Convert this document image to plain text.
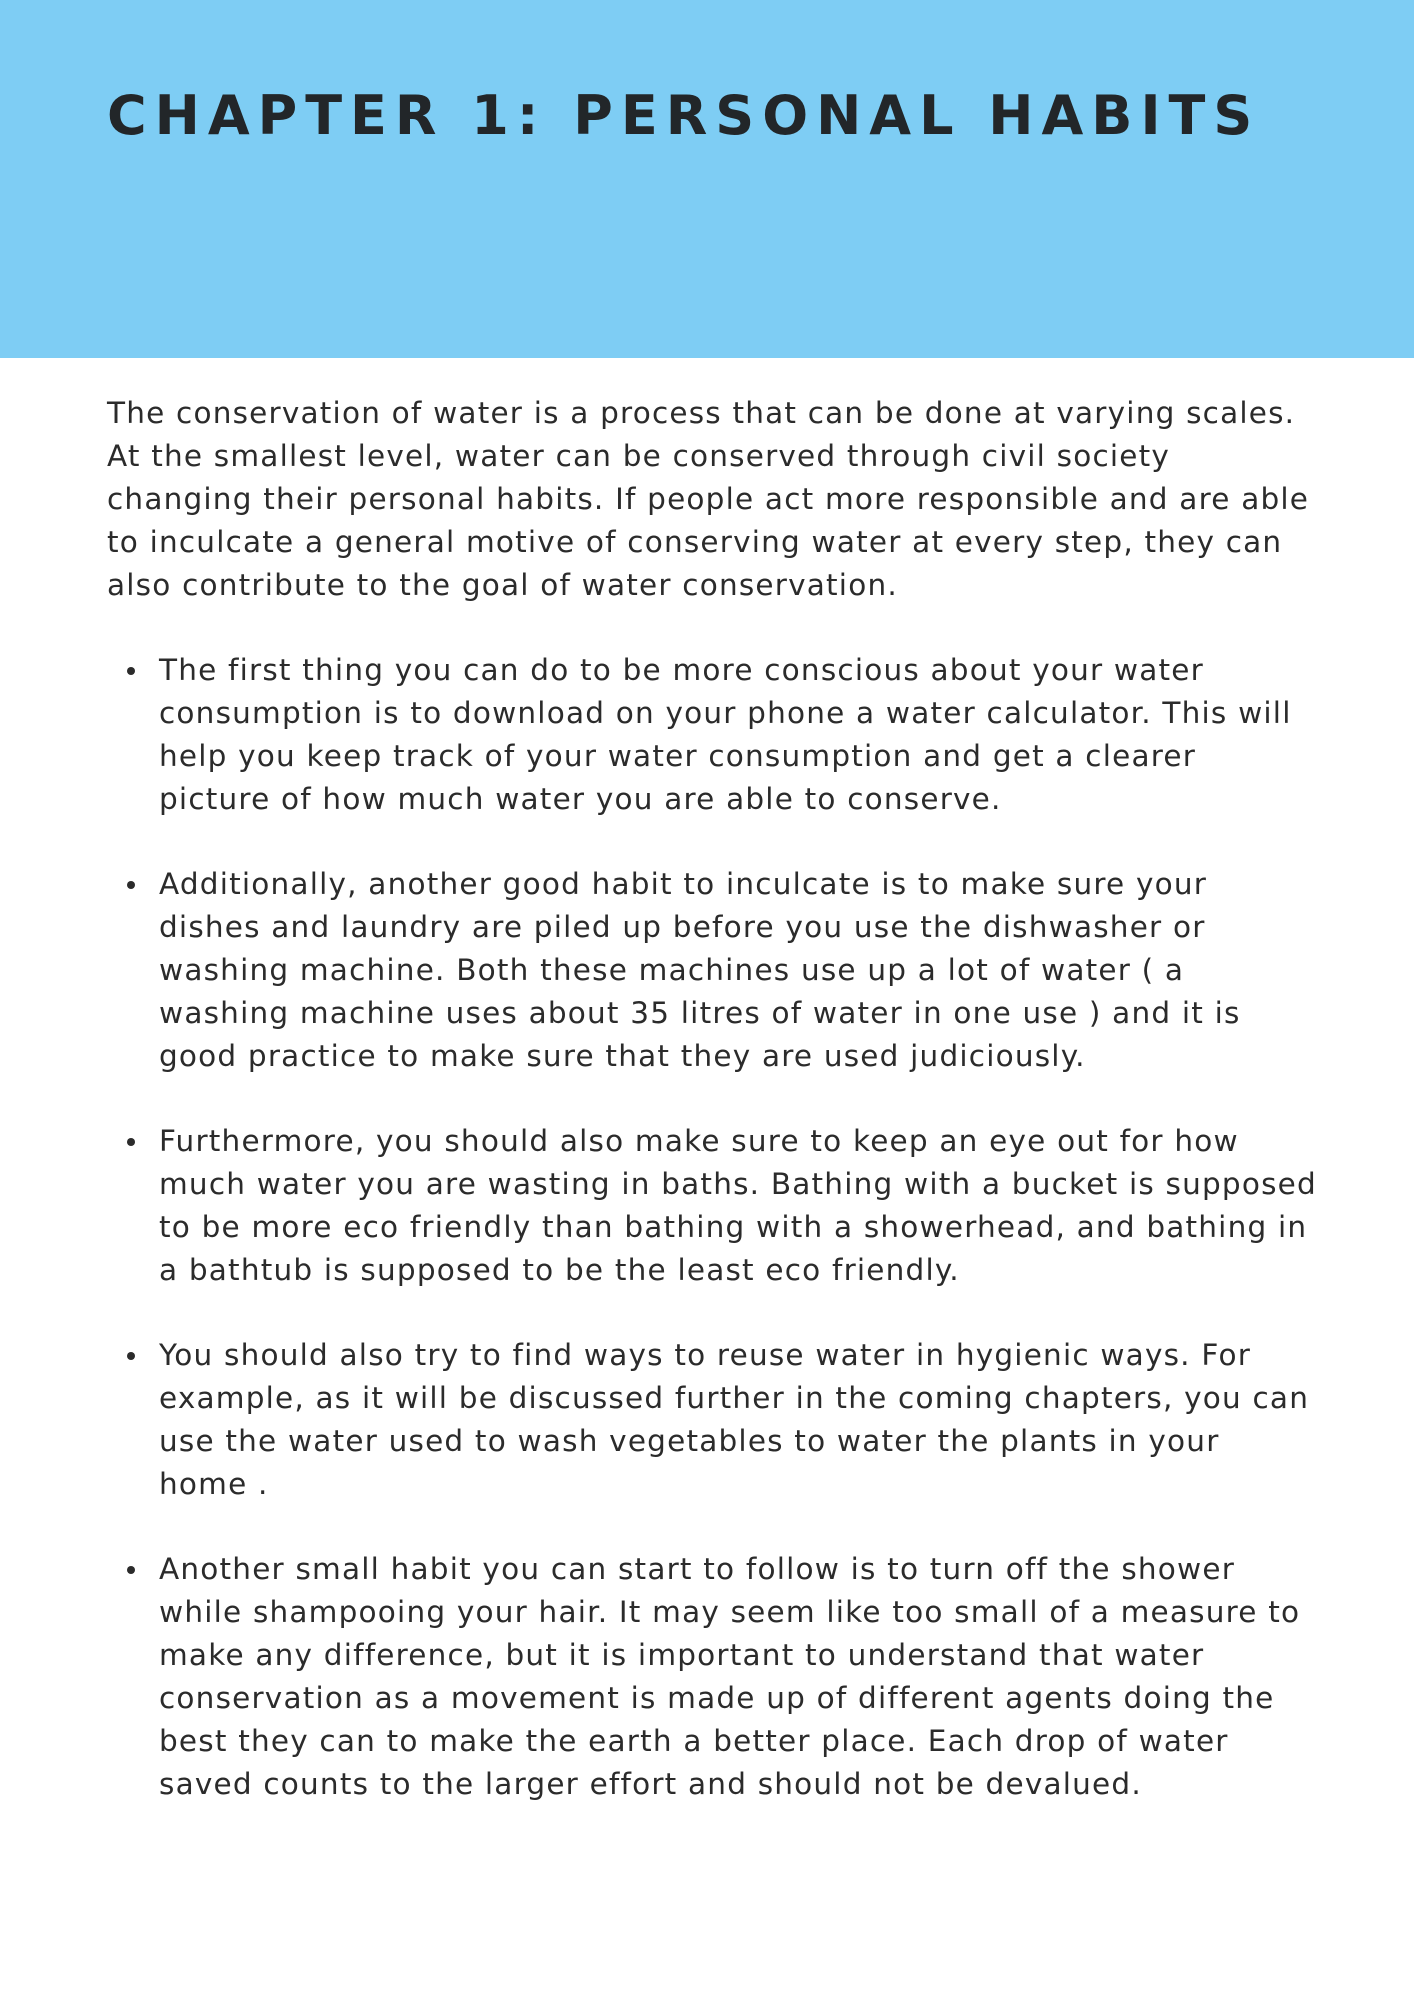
CHAPTER 1: PERSONAL HABITS

The conservation of water is a process that can be done at varying scales. At the smallest level, water can be conserved through civil society changing their personal habits. If people act more responsible and are able to inculcate a general motive of conserving water at every step, they can also contribute to the goal of water conservation.

The first thing you can do to be more conscious about your water consumption is to download on your phone a water calculator. This will help you keep track of your water consumption and get a clearer picture of how much water you are able to conserve.
Additionally, another good habit to inculcate is to make sure your dishes and laundry are piled up before you use the dishwasher or washing machine. Both these machines use up a lot of water ( a washing machine uses about 35 litres of water in one use ) and it is good practice to make sure that they are used judiciously.
Furthermore, you should also make sure to keep an eye out for how much water you are wasting in baths. Bathing with a bucket is supposed to be more eco friendly than bathing with a showerhead, and bathing in a bathtub is supposed to be the least eco friendly.
You should also try to find ways to reuse water in hygienic ways. For example, as it will be discussed further in the coming chapters, you can use the water used to wash vegetables to water the plants in your home .
Another small habit you can start to follow is to turn off the shower while shampooing your hair. It may seem like too small of a measure to make any difference, but it is important to understand that water conservation as a movement is made up of different agents doing the best they can to make the earth a better place. Each drop of water saved counts to the larger effort and should not be devalued.
